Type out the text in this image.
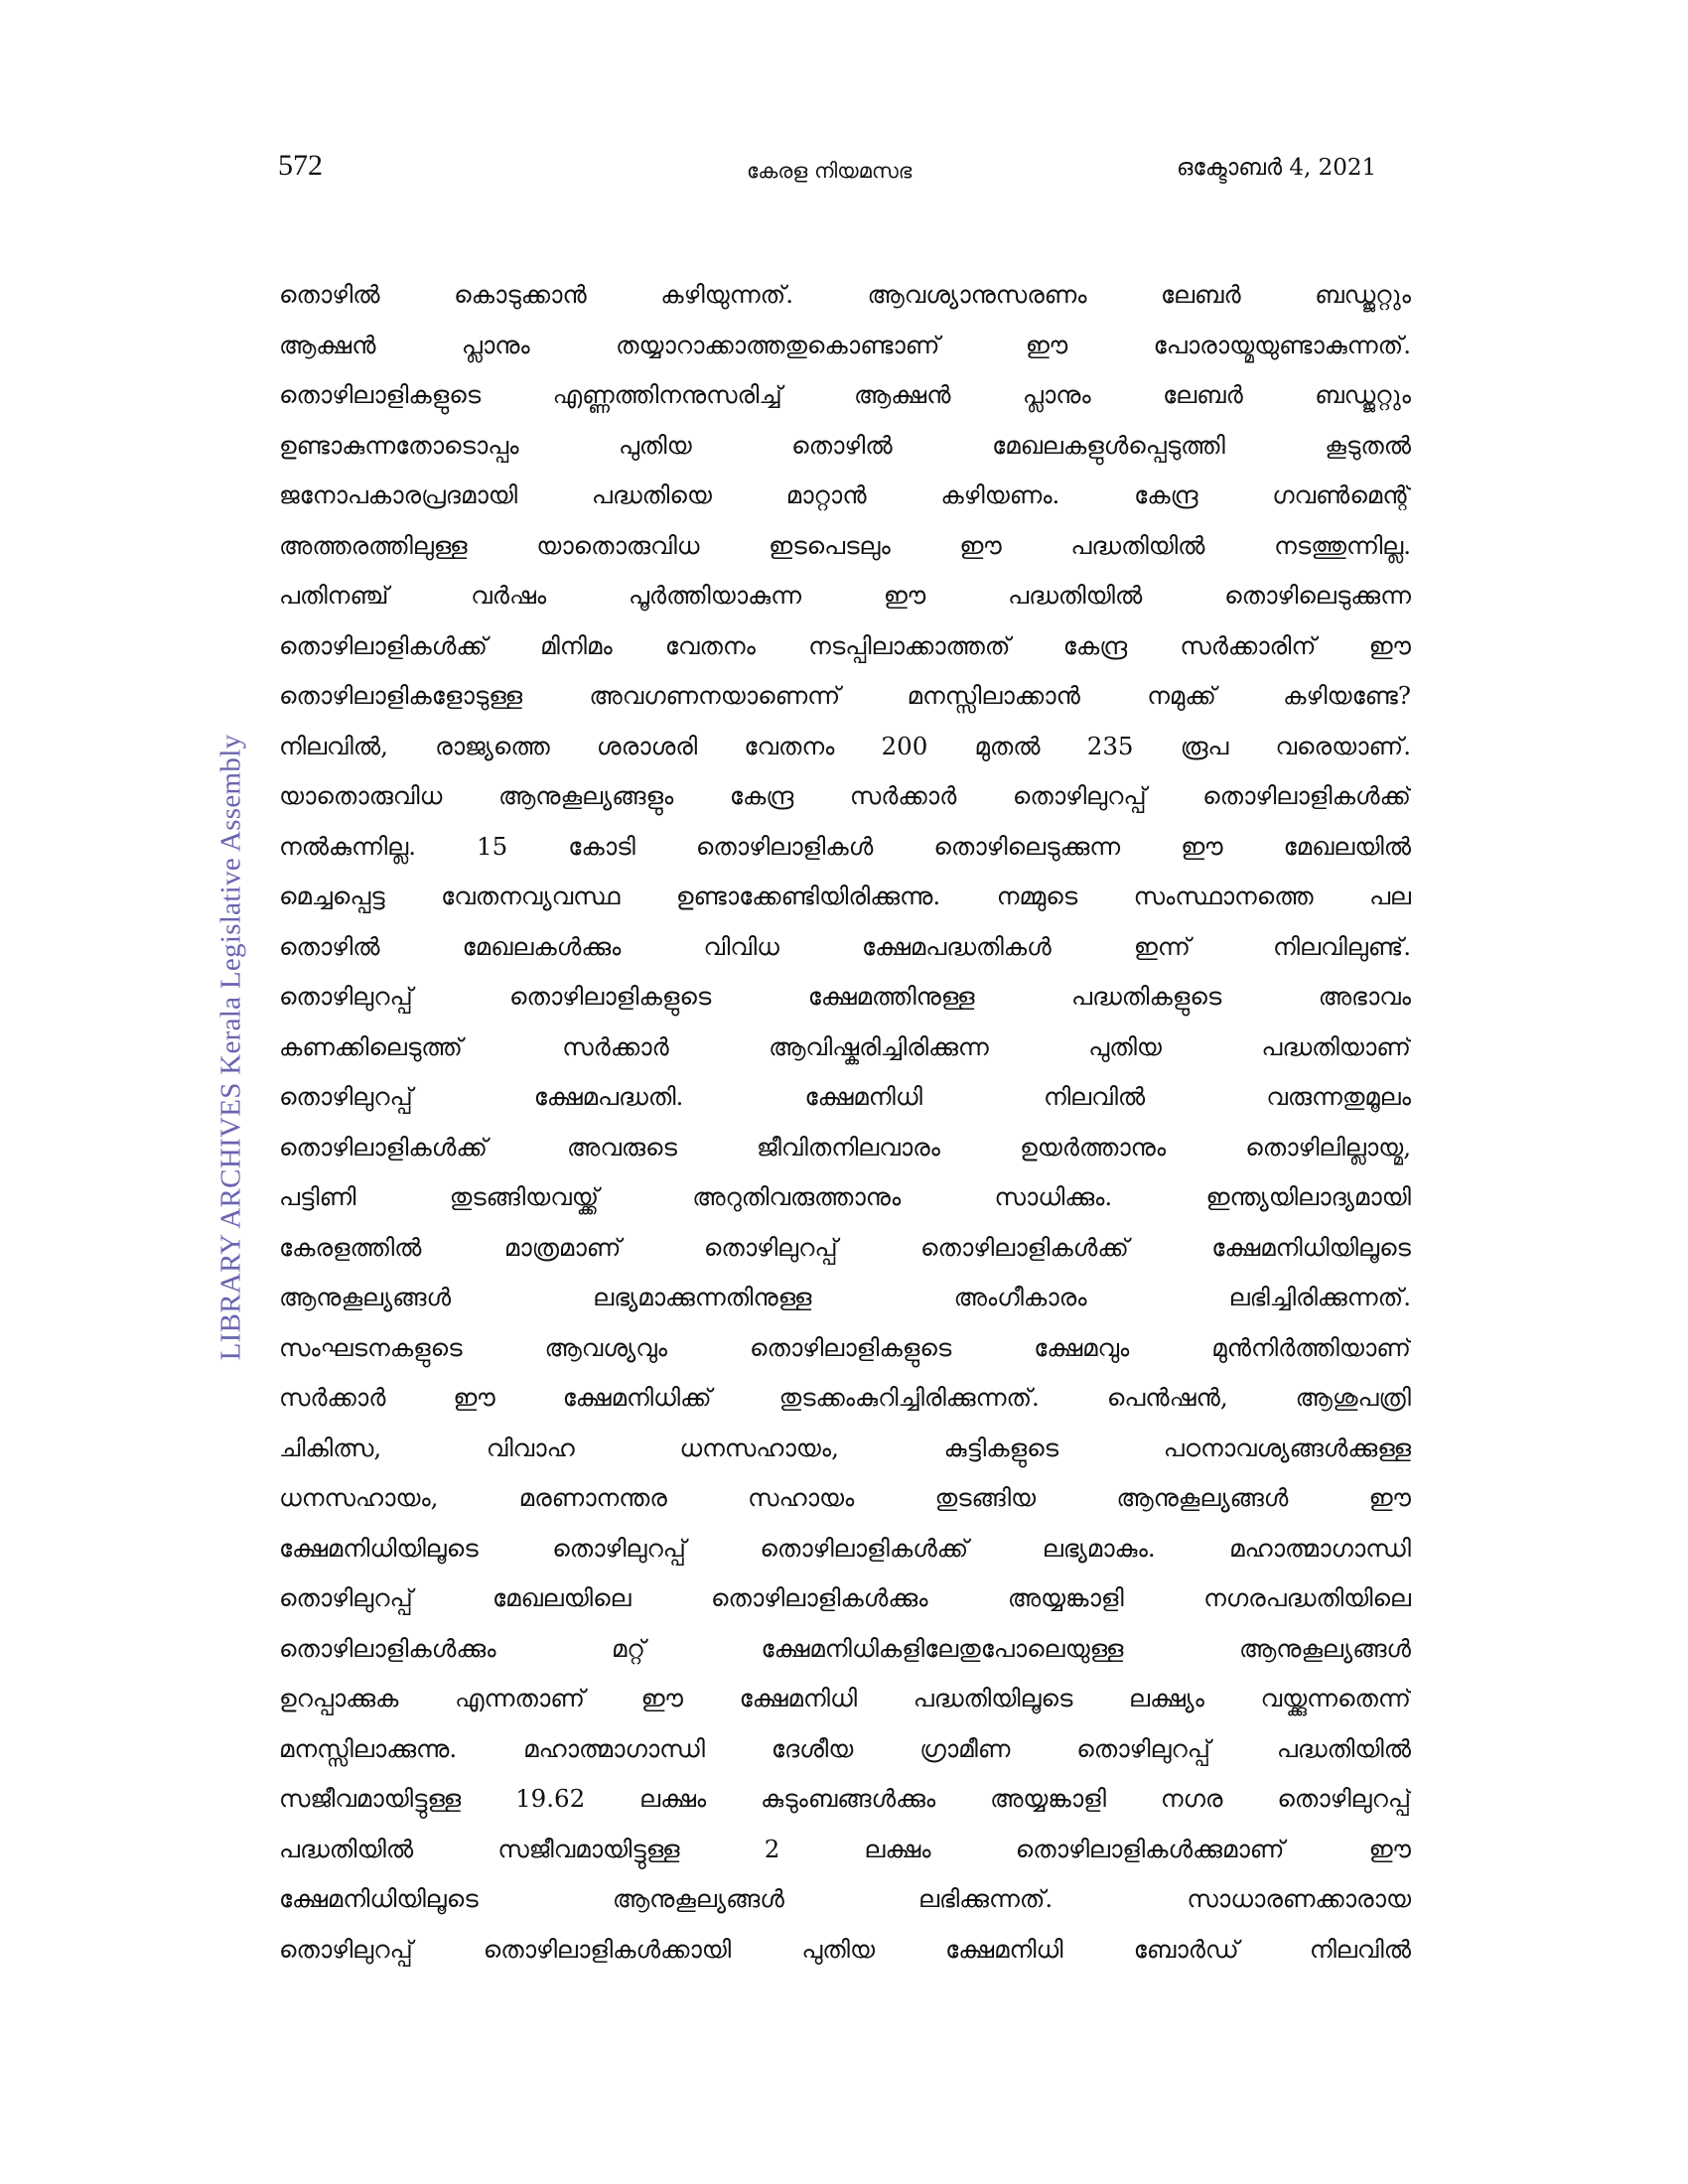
572	കേരള നിയമസഭ	ഒക്ടോബർ 4, 2021
LIBRARY ARCHIVES Kerala Legislative Assembly
തൊഴിൽ കൊടുക്കാൻ കഴിയുന്നത്. ആവശ്യാനുസരണം ലേബർ ബഡ്ജറ്റും
ആക്ഷൻ പ്ലാനും തയ്യാറാക്കാത്തതുകൊണ്ടാണ് ഈ പോരായ്മയുണ്ടാകുന്നത്.
തൊഴിലാളികളുടെ എണ്ണത്തിനനുസരിച്ച് ആക്ഷൻ പ്ലാനും ലേബർ ബഡ്ജറ്റും
ഉണ്ടാകുന്നതോടൊപ്പം പുതിയ തൊഴിൽ മേഖലകളുൾപ്പെടുത്തി കൂടുതൽ
ജനോപകാരപ്രദമായി പദ്ധതിയെ മാറ്റാൻ കഴിയണം. കേന്ദ്ര ഗവൺമെന്റ്
അത്തരത്തിലുള്ള യാതൊരുവിധ ഇടപെടലും ഈ പദ്ധതിയിൽ നടത്തുന്നില്ല.
പതിനഞ്ച് വർഷം പൂർത്തിയാകുന്ന ഈ പദ്ധതിയിൽ തൊഴിലെടുക്കുന്ന
തൊഴിലാളികൾക്ക് മിനിമം വേതനം നടപ്പിലാക്കാത്തത് കേന്ദ്ര സർക്കാരിന് ഈ
തൊഴിലാളികളോടുള്ള അവഗണനയാണെന്ന് മനസ്സിലാക്കാൻ നമുക്ക് കഴിയണ്ടേ?
നിലവിൽ, രാജ്യത്തെ ശരാശരി വേതനം 200 മുതൽ 235 രൂപ വരെയാണ്.
യാതൊരുവിധ ആനുകൂല്യങ്ങളും കേന്ദ്ര സർക്കാർ തൊഴിലുറപ്പ് തൊഴിലാളികൾക്ക്
നൽകുന്നില്ല. 15 കോടി തൊഴിലാളികൾ തൊഴിലെടുക്കുന്ന ഈ മേഖലയിൽ
മെച്ചപ്പെട്ട വേതനവ്യവസ്ഥ ഉണ്ടാക്കേണ്ടിയിരിക്കുന്നു. നമ്മുടെ സംസ്ഥാനത്തെ പല
തൊഴിൽ മേഖലകൾക്കും വിവിധ ക്ഷേമപദ്ധതികൾ ഇന്ന് നിലവിലുണ്ട്.
തൊഴിലുറപ്പ് തൊഴിലാളികളുടെ ക്ഷേമത്തിനുള്ള പദ്ധതികളുടെ അഭാവം
കണക്കിലെടുത്ത് സർക്കാർ ആവിഷ്കരിച്ചിരിക്കുന്ന പുതിയ പദ്ധതിയാണ്
തൊഴിലുറപ്പ് ക്ഷേമപദ്ധതി. ക്ഷേമനിധി നിലവിൽ വരുന്നതുമൂലം
തൊഴിലാളികൾക്ക് അവരുടെ ജീവിതനിലവാരം ഉയർത്താനും തൊഴിലില്ലായ്മ,
പട്ടിണി തുടങ്ങിയവയ്ക്ക് അറുതിവരുത്താനും സാധിക്കും. ഇന്ത്യയിലാദ്യമായി
കേരളത്തിൽ മാത്രമാണ് തൊഴിലുറപ്പ് തൊഴിലാളികൾക്ക് ക്ഷേമനിധിയിലൂടെ
ആനുകൂല്യങ്ങൾ ലഭ്യമാക്കുന്നതിനുള്ള അംഗീകാരം ലഭിച്ചിരിക്കുന്നത്.
സംഘടനകളുടെ ആവശ്യവും തൊഴിലാളികളുടെ ക്ഷേമവും മുൻനിർത്തിയാണ്
സർക്കാർ ഈ ക്ഷേമനിധിക്ക് തുടക്കംകുറിച്ചിരിക്കുന്നത്. പെൻഷൻ, ആശുപത്രി
ചികിത്സ, വിവാഹ ധനസഹായം, കുട്ടികളുടെ പഠനാവശ്യങ്ങൾക്കുള്ള
ധനസഹായം, മരണാനന്തര സഹായം തുടങ്ങിയ ആനുകൂല്യങ്ങൾ ഈ
ക്ഷേമനിധിയിലൂടെ തൊഴിലുറപ്പ് തൊഴിലാളികൾക്ക് ലഭ്യമാകും. മഹാത്മാഗാന്ധി
തൊഴിലുറപ്പ് മേഖലയിലെ തൊഴിലാളികൾക്കും അയ്യങ്കാളി നഗരപദ്ധതിയിലെ
തൊഴിലാളികൾക്കും മറ്റ് ക്ഷേമനിധികളിലേതുപോലെയുള്ള ആനുകൂല്യങ്ങൾ
ഉറപ്പാക്കുക എന്നതാണ് ഈ ക്ഷേമനിധി പദ്ധതിയിലൂടെ ലക്ഷ്യം വയ്ക്കുന്നതെന്ന്
മനസ്സിലാക്കുന്നു. മഹാത്മാഗാന്ധി ദേശീയ ഗ്രാമീണ തൊഴിലുറപ്പ് പദ്ധതിയിൽ
സജീവമായിട്ടുള്ള 19.62 ലക്ഷം കുടുംബങ്ങൾക്കും അയ്യങ്കാളി നഗര തൊഴിലുറപ്പ്
പദ്ധതിയിൽ സജീവമായിട്ടുള്ള 2 ലക്ഷം തൊഴിലാളികൾക്കുമാണ് ഈ
ക്ഷേമനിധിയിലൂടെ ആനുകൂല്യങ്ങൾ ലഭിക്കുന്നത്. സാധാരണക്കാരായ
തൊഴിലുറപ്പ് തൊഴിലാളികൾക്കായി പുതിയ ക്ഷേമനിധി ബോർഡ് നിലവിൽ
